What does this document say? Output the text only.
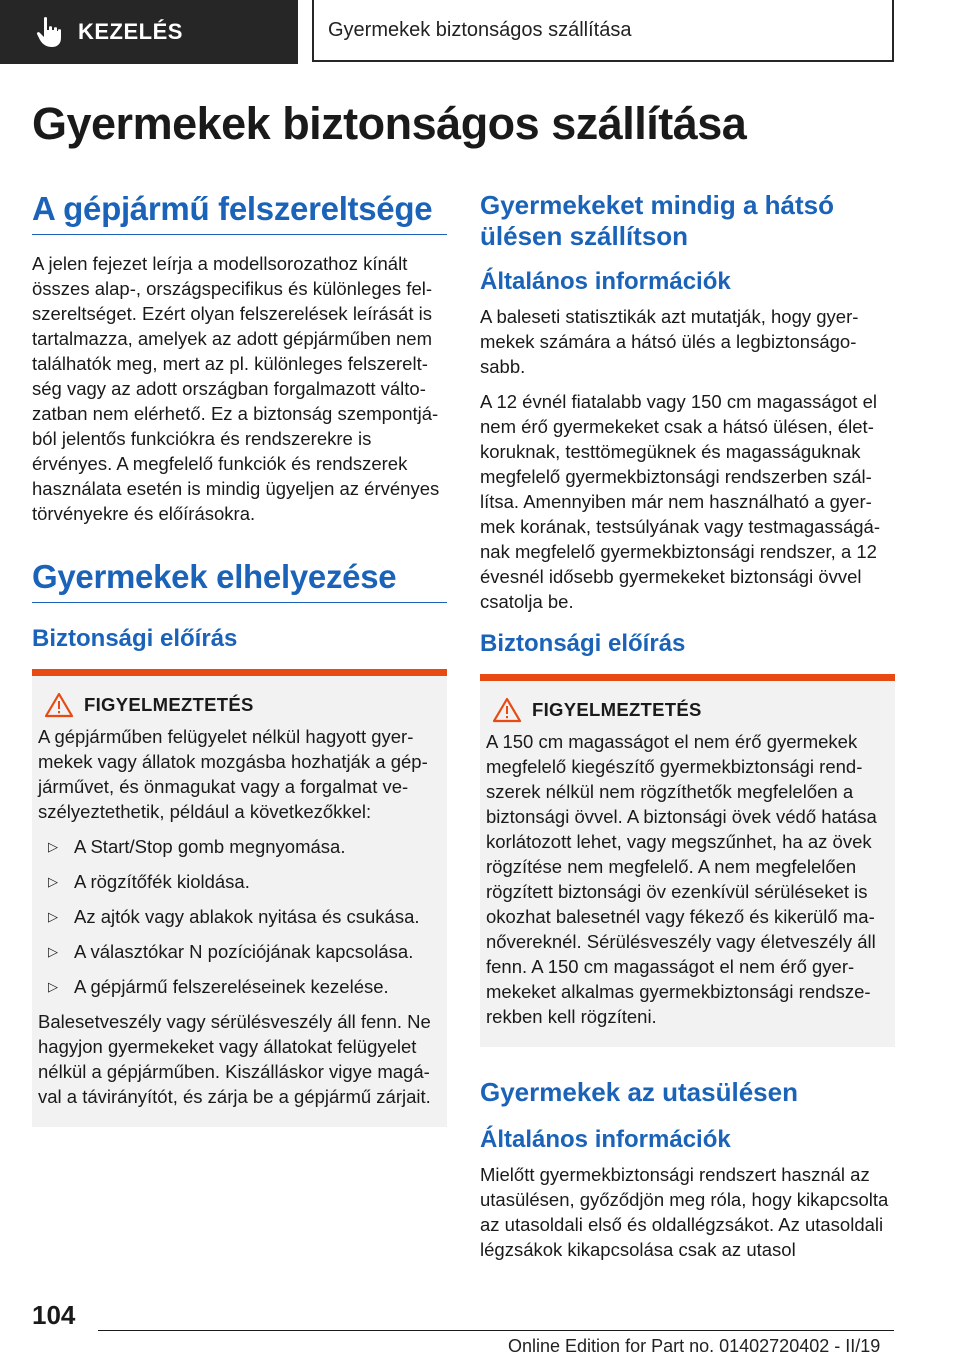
KEZELÉS	Gyermekek biztonságos szállítása
Gyermekek biztonságos szállítása
A gépjármű felszereltsége

A jelen fejezet leírja a modellsorozathoz kínált összes alap-, országspecifikus és különleges felszereltséget. Ezért olyan felszerelések leírását is tartalmazza, amelyek az adott gépjárműben nem találhatók meg, mert az pl. különleges felszereltség vagy az adott országban forgalmazott változatban nem elérhető. Ez a biztonság szempontjából jelentős funkciókra és rendszerekre is érvényes. A megfelelő funkciók és rendszerek használata esetén is mindig ügyeljen az érvényes törvényekre és előírásokra.

Gyermekek elhelyezése
Biztonsági előírás
FIGYELMEZTETÉS

A gépjárműben felügyelet nélkül hagyott gyermekek vagy állatok mozgásba hozhatják a gépjárművet, és önmagukat vagy a forgalmat veszélyeztethetik, például a következőkkel:

▷ A Start/Stop gomb megnyomása.
▷ A rögzítőfék kioldása.
▷ Az ajtók vagy ablakok nyitása és csukása.
▷ A választókar N pozíciójának kapcsolása.
▷ A gépjármű felszereléseinek kezelése.

Balesetveszély vagy sérülésveszély áll fenn. Ne hagyjon gyermekeket vagy állatokat felügyelet nélkül a gépjárműben. Kiszálláskor vigye magával a távirányítót, és zárja be a gépjármű zárjait.

Gyermekeket mindig a hátsó ülésen szállítson
Általános információk

A baleseti statisztikák azt mutatják, hogy gyermekek számára a hátsó ülés a legbiztonságosabb.

A 12 évnél fiatalabb vagy 150 cm magasságot el nem érő gyermekeket csak a hátsó ülésen, életkoruknak, testtömegüknek és magasságuknak megfelelő gyermekbiztonsági rendszerben szállítsa. Amennyiben már nem használható a gyermek korának, testsúlyának vagy testmagasságának megfelelő gyermekbiztonsági rendszer, a 12 évesnél idősebb gyermekeket biztonsági övvel csatolja be.

Biztonsági előírás
FIGYELMEZTETÉS

A 150 cm magasságot el nem érő gyermekek megfelelő kiegészítő gyermekbiztonsági rendszerek nélkül nem rögzíthetők megfelelően a biztonsági övvel. A biztonsági övek védő hatása korlátozott lehet, vagy megszűnhet, ha az övek rögzítése nem megfelelő. A nem megfelelően rögzített biztonsági öv ezenkívül sérüléseket is okozhat balesetnél vagy fékező és kikerülő manővereknél. Sérülésveszély vagy életveszély áll fenn. A 150 cm magasságot el nem érő gyermekeket alkalmas gyermekbiztonsági rendszerekben kell rögzíteni.

Gyermekek az utasülésen
Általános információk

Mielőtt gyermekbiztonsági rendszert használ az utasülésen, győződjön meg róla, hogy kikapcsolta az utasoldali első és oldallégzsákot. Az utasoldali légzsákok kikapcsolása csak az utasol

104
Online Edition for Part no. 01402720402 - II/19
